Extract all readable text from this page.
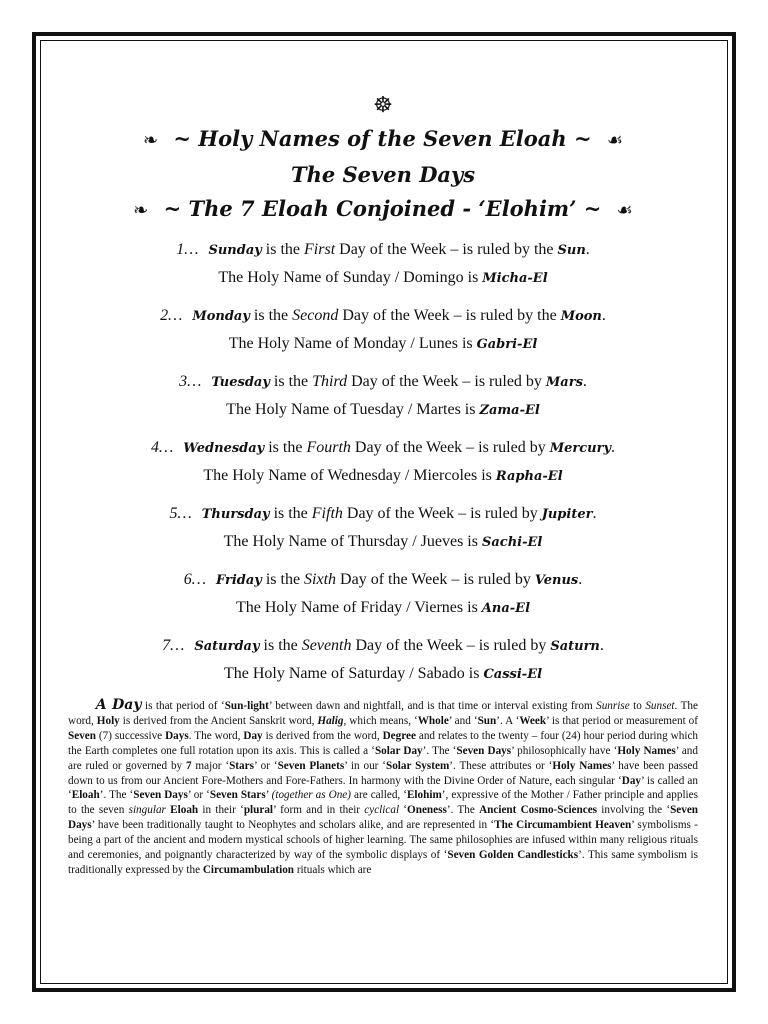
☸
❧ ~ Holy Names of the Seven Eloah ~ ☙
The Seven Days
❧ ~ The 7 Eloah Conjoined - ‘Elohim’ ~ ☙
1… Sunday is the First Day of the Week – is ruled by the Sun.
The Holy Name of Sunday / Domingo is Micha-El
2… Monday is the Second Day of the Week – is ruled by the Moon.
The Holy Name of Monday / Lunes is Gabri-El
3… Tuesday is the Third Day of the Week – is ruled by Mars.
The Holy Name of Tuesday / Martes is Zama-El
4… Wednesday is the Fourth Day of the Week – is ruled by Mercury.
The Holy Name of Wednesday / Miercoles is Rapha-El
5… Thursday is the Fifth Day of the Week – is ruled by Jupiter.
The Holy Name of Thursday / Jueves is Sachi-El
6… Friday is the Sixth Day of the Week – is ruled by Venus.
The Holy Name of Friday / Viernes is Ana-El
7… Saturday is the Seventh Day of the Week – is ruled by Saturn.
The Holy Name of Saturday / Sabado is Cassi-El
A Day is that period of ‘Sun-light’ between dawn and nightfall, and is that time or interval existing from Sunrise to Sunset. The word, Holy is derived from the Ancient Sanskrit word, Halig, which means, ‘Whole’ and ‘Sun’. A ‘Week’ is that period or measurement of Seven (7) successive Days. The word, Day is derived from the word, Degree and relates to the twenty – four (24) hour period during which the Earth completes one full rotation upon its axis. This is called a ‘Solar Day’. The ‘Seven Days’ philosophically have ‘Holy Names’ and are ruled or governed by 7 major ‘Stars’ or ‘Seven Planets’ in our ‘Solar System’. These attributes or ‘Holy Names’ have been passed down to us from our Ancient Fore-Mothers and Fore-Fathers. In harmony with the Divine Order of Nature, each singular ‘Day’ is called an ‘Eloah’. The ‘Seven Days’ or ‘Seven Stars’ (together as One) are called, ‘Elohim’, expressive of the Mother / Father principle and applies to the seven singular Eloah in their ‘plural’ form and in their cyclical ‘Oneness’. The Ancient Cosmo-Sciences involving the ‘Seven Days’ have been traditionally taught to Neophytes and scholars alike, and are represented in ‘The Circumambient Heaven’ symbolisms - being a part of the ancient and modern mystical schools of higher learning. The same philosophies are infused within many religious rituals and ceremonies, and poignantly characterized by way of the symbolic displays of ‘Seven Golden Candlesticks’. This same symbolism is traditionally expressed by the Circumambulation rituals which are
